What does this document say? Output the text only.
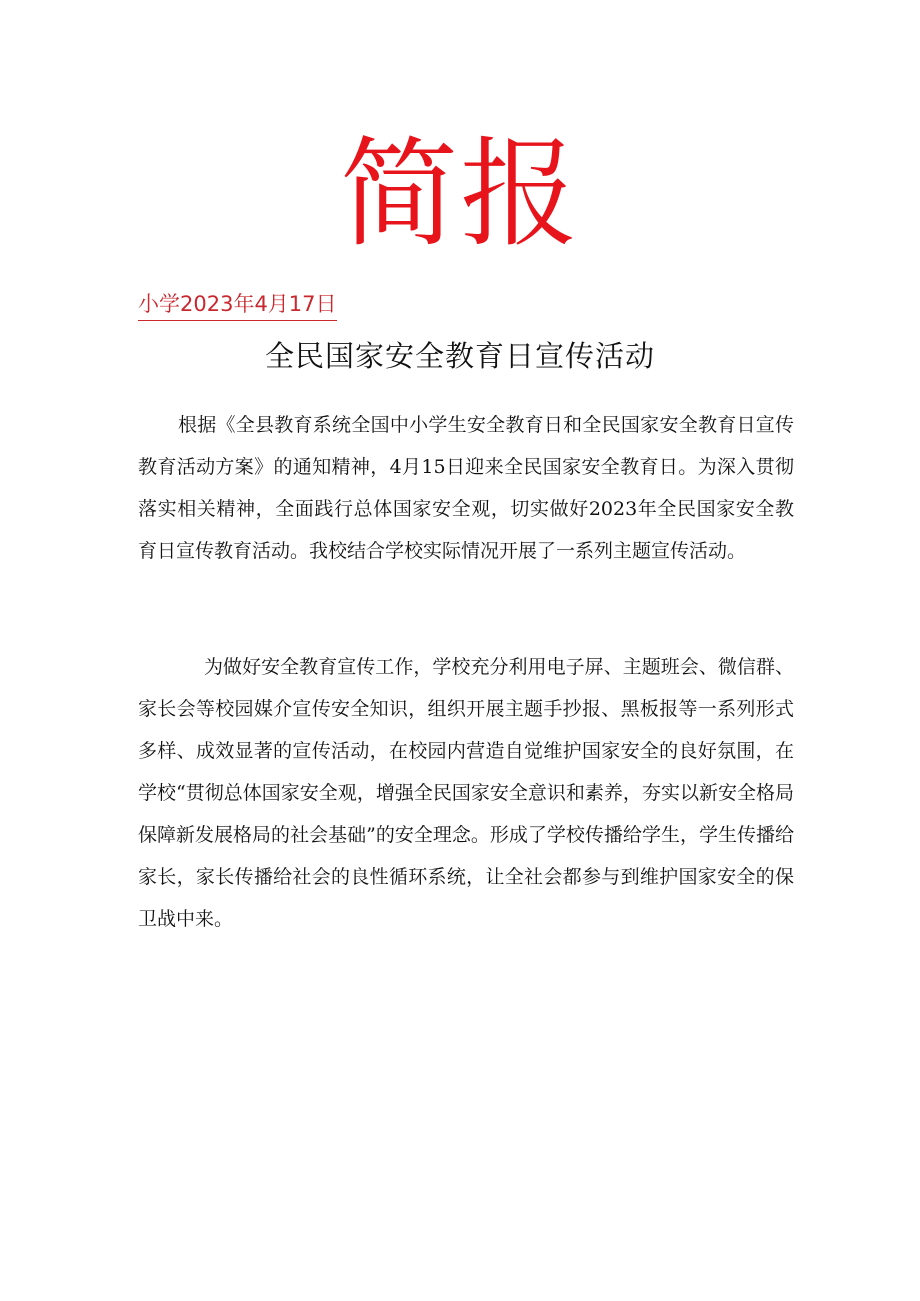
简报
小学2023年4月17日
全民国家安全教育日宣传活动

根据《全县教育系统全国中小学生安全教育日和全民国家安全教育日宣传教育活动方案》的通知精神，4月15日迎来全民国家安全教育日。为深入贯彻落实相关精神，全面践行总体国家安全观，切实做好2023年全民国家安全教育日宣传教育活动。我校结合学校实际情况开展了一系列主题宣传活动。

为做好安全教育宣传工作，学校充分利用电子屏、主题班会、微信群、家长会等校园媒介宣传安全知识，组织开展主题手抄报、黑板报等一系列形式多样、成效显著的宣传活动，在校园内营造自觉维护国家安全的良好氛围，在学校“贯彻总体国家安全观，增强全民国家安全意识和素养，夯实以新安全格局保障新发展格局的社会基础”的安全理念。形成了学校传播给学生，学生传播给家长，家长传播给社会的良性循环系统，让全社会都参与到维护国家安全的保卫战中来。
